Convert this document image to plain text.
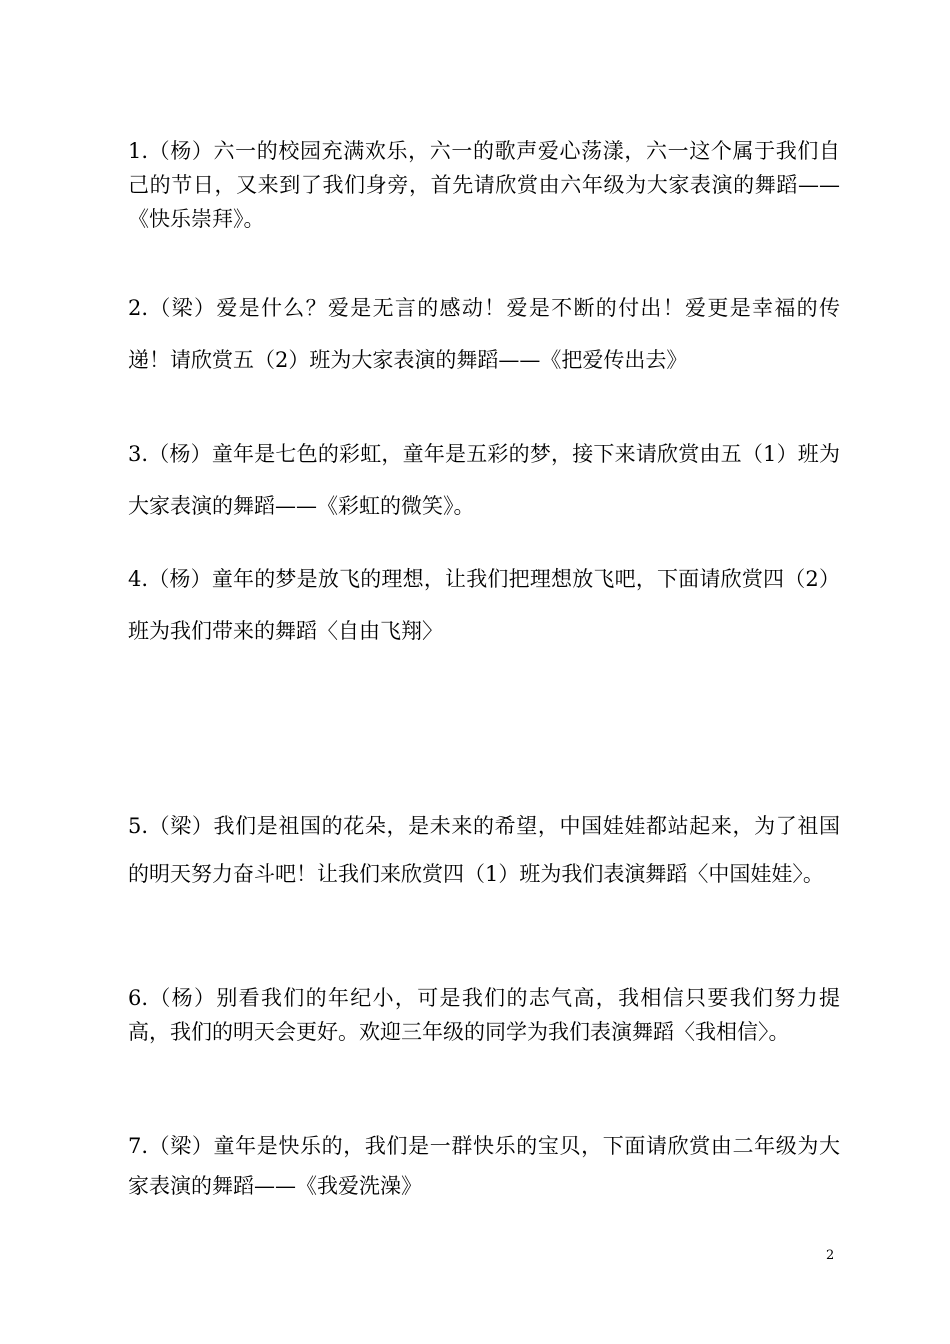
1.（杨）六一的校园充满欢乐，六一的歌声爱心荡漾，六一这个属于我们自己的节日，又来到了我们身旁，首先请欣赏由六年级为大家表演的舞蹈——《快乐崇拜》。

2.（梁）爱是什么？爱是无言的感动！爱是不断的付出！爱更是幸福的传递！请欣赏五（2）班为大家表演的舞蹈——《把爱传出去》

3.（杨）童年是七色的彩虹，童年是五彩的梦，接下来请欣赏由五（1）班为大家表演的舞蹈——《彩虹的微笑》。

4.（杨）童年的梦是放飞的理想，让我们把理想放飞吧，下面请欣赏四（2）班为我们带来的舞蹈〈自由飞翔〉

5.（梁）我们是祖国的花朵，是未来的希望，中国娃娃都站起来，为了祖国的明天努力奋斗吧！让我们来欣赏四（1）班为我们表演舞蹈〈中国娃娃〉。

6.（杨）别看我们的年纪小，可是我们的志气高，我相信只要我们努力提高，我们的明天会更好。欢迎三年级的同学为我们表演舞蹈〈我相信〉。

7.（梁）童年是快乐的，我们是一群快乐的宝贝，下面请欣赏由二年级为大家表演的舞蹈——《我爱洗澡》

2
